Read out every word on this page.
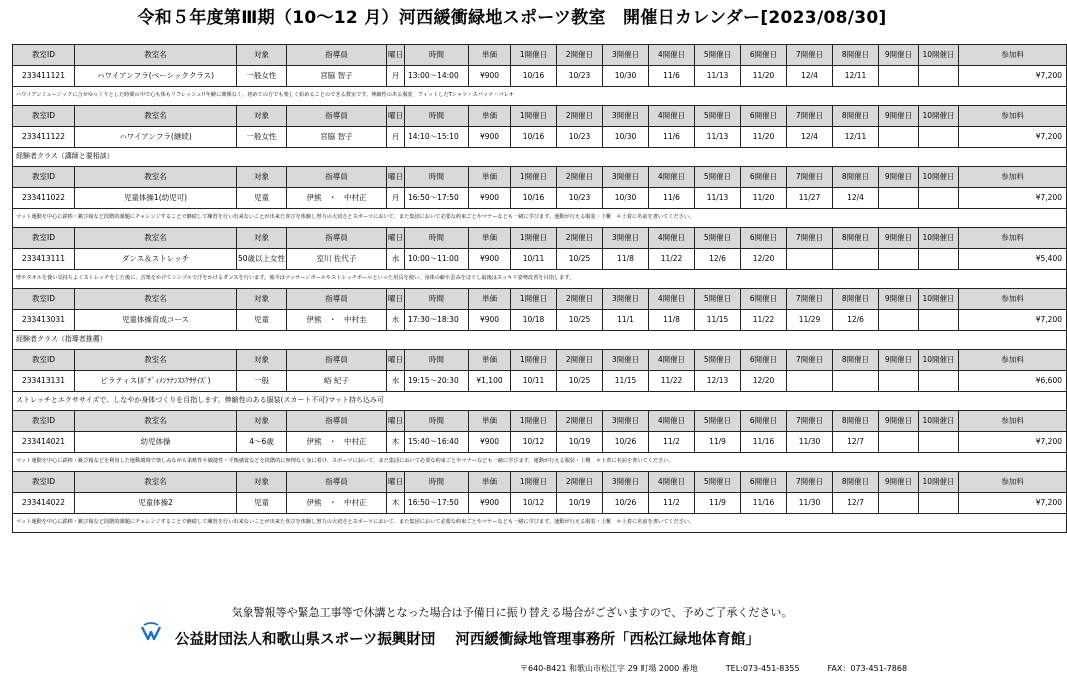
令和５年度第Ⅲ期（10～12 月）河西緩衝緑地スポーツ教室　開催日カレンダー[2023/08/30]
教室ID	教室名	対象	指導員	曜日	時間	単価	1開催日	2開催日	3開催日	4開催日	5開催日	6開催日	7開催日	8開催日	9開催日	10開催日	参加料
233411121	ハワイアンフラ(ベーシッククラス)	一般女性	宮脇 智子	月	13:00～14:00	¥900	10/16	10/23	10/30	11/6	11/13	11/20	12/4	12/11			¥7,200
ハワイアンミュージックに合せゆっくりとした時間の中で心も体もリフレッシュ!!年齢に関係なく、初めての方でも楽しく始めることのできる教室です。伸縮性のある服装　フィットしたTシャツ・スパッツ・パレオ																	
教室ID	教室名	対象	指導員	曜日	時間	単価	1開催日	2開催日	3開催日	4開催日	5開催日	6開催日	7開催日	8開催日	9開催日	10開催日	参加料
233411122	ハワイアンフラ(継続)	一般女性	宮脇 智子	月	14:10～15:10	¥900	10/16	10/23	10/30	11/6	11/13	11/20	12/4	12/11			¥7,200
経験者クラス（講師と要相談）																	
教室ID	教室名	対象	指導員	曜日	時間	単価	1開催日	2開催日	3開催日	4開催日	5開催日	6開催日	7開催日	8開催日	9開催日	10開催日	参加料
233411022	児童体操1(幼児可)	児童	伊熊　・　中村正	月	16:50～17:50	¥900	10/16	10/23	10/30	11/6	11/13	11/20	11/27	12/4			¥7,200
マット運動を中心に鉄棒・跳び箱など段階的課題にチャレンジすることで継続して練習を行い出来ないことが出来た喜びを体験し努力の大切さとスポーツにおいて、また集団において必要な約束ごとやマナーなども一緒に学びます。運動が行える服装・上靴　＊上着に名前を書いてください。																	
教室ID	教室名	対象	指導員	曜日	時間	単価	1開催日	2開催日	3開催日	4開催日	5開催日	6開催日	7開催日	8開催日	9開催日	10開催日	参加料
233413111	ダンス＆ストレッチ	50歳以上女性	室川 佐代子	水	10:00～11:00	¥900	10/11	10/25	11/8	11/22	12/6	12/20					¥5,400
壁やタオルを使い気持ちよくストレッチをした後に、音楽をかけてシンプルで汗をかけるダンスを行います。後半はマッサージボールやストレッチポールといった用具を使い、身体の癖や歪みをほぐし最後はスッキリ姿勢改善を目指します。																	
教室ID	教室名	対象	指導員	曜日	時間	単価	1開催日	2開催日	3開催日	4開催日	5開催日	6開催日	7開催日	8開催日	9開催日	10開催日	参加料
233413031	児童体操育成コース	児童	伊熊　・　中村圭	水	17:30～18:30	¥900	10/18	10/25	11/1	11/8	11/15	11/22	11/29	12/6			¥7,200
経験者クラス（指導者推薦）																	
教室ID	教室名	対象	指導員	曜日	時間	単価	1開催日	2開催日	3開催日	4開催日	5開催日	6開催日	7開催日	8開催日	9開催日	10開催日	参加料
233413131	ピラティス(ﾎﾞﾃﾞｨﾒﾝﾃﾅﾝｽｴｸｻｻｲｽﾞ)	一般	峪 紀子	水	19:15～20:30	¥1,100	10/11	10/25	11/15	11/22	12/13	12/20					¥6,600
ストレッチとエクササイズで、しなやか身体づくりを目指します。伸縮性のある服装(スカート不可)マット持ち込み可																	
教室ID	教室名	対象	指導員	曜日	時間	単価	1開催日	2開催日	3開催日	4開催日	5開催日	6開催日	7開催日	8開催日	9開催日	10開催日	参加料
233414021	幼児体操	4～6歳	伊熊　・　中村正	木	15:40～16:40	¥900	10/12	10/19	10/26	11/2	11/9	11/16	11/30	12/7			¥7,200
マット運動を中心に鉄棒・跳び箱などを利用した運動環境で楽しみながら柔軟性や敏捷性・平衡感覚などを段階的に無理なく身に着け、スポーツにおいて、また集団において必要な約束ごとやマナーなども一緒に学びます。運動が行える服装・上靴　＊上着に名前を書いてください。																	
教室ID	教室名	対象	指導員	曜日	時間	単価	1開催日	2開催日	3開催日	4開催日	5開催日	6開催日	7開催日	8開催日	9開催日	10開催日	参加料
233414022	児童体操2	児童	伊熊　・　中村正	木	16:50～17:50	¥900	10/12	10/19	10/26	11/2	11/9	11/16	11/30	12/7			¥7,200
マット運動を中心に鉄棒・跳び箱など段階的課題にチャレンジすることで継続して練習を行い出来ないことが出来た喜びを体験し努力の大切さとスポーツにおいて、また集団において必要な約束ごとやマナーなども一緒に学びます。運動が行える服装・上靴　＊上着に名前を書いてください。																	
気象警報等や緊急工事等で休講となった場合は予備日に振り替える場合がございますので、予めご了承ください。
公益財団法人和歌山県スポーツ振興財団 河西緩衝緑地管理事務所「西松江緑地体育館」
〒640-8421 和歌山市松江字 29 町場 2000 番地	TEL:073-451-8355	FAX：073-451-7868
